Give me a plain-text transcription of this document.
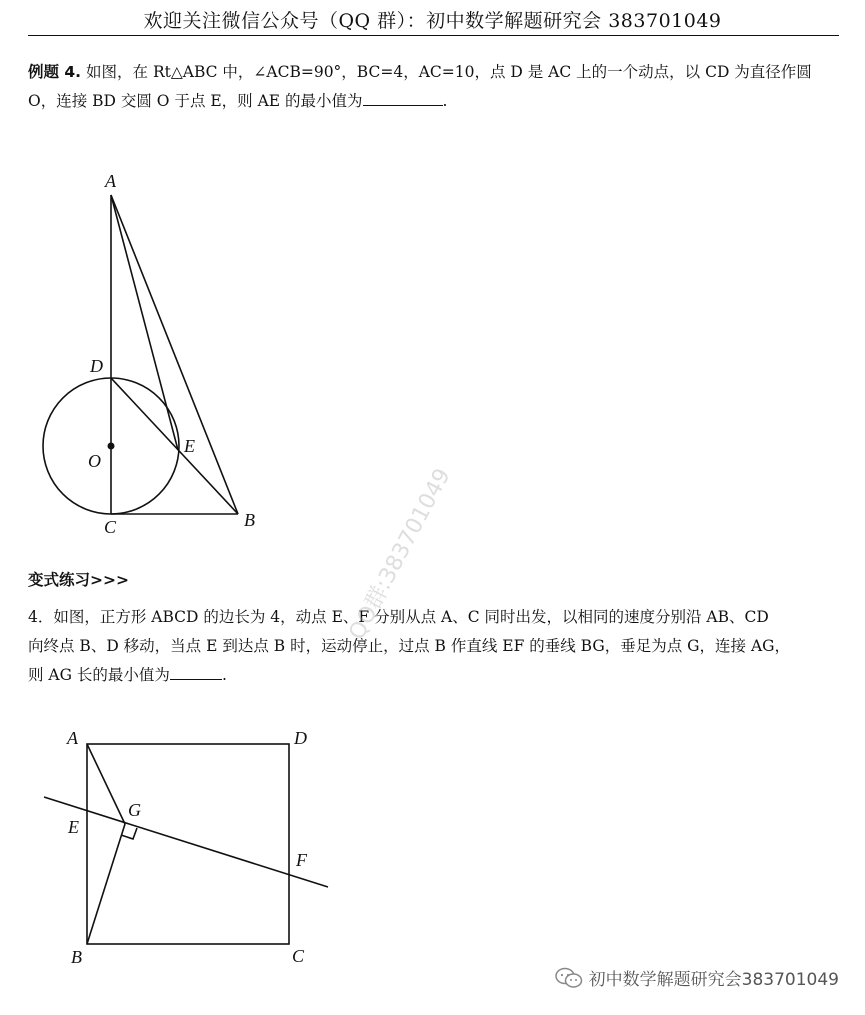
欢迎关注微信公众号（QQ 群）：初中数学解题研究会 383701049
例题 4. 如图，在 Rt△ABC 中，∠ACB=90°，BC=4，AC=10，点 D 是 AC 上的一个动点，以 CD 为直径作圆
O，连接 BD 交圆 O 于点 E，则 AE 的最小值为	.
A
D
O
E
C	B
变式练习>>>
4．如图，正方形 ABCD 的边长为 4，动点 E、F 分别从点 A、C 同时出发，以相同的速度分别沿 AB、CD
向终点 B、D 移动，当点 E 到达点 B 时，运动停止，过点 B 作直线 EF 的垂线 BG，垂足为点 G，连接 AG，
则 AG 长的最小值为	.
A	D
G
E
F
B	C
QQ群:383701049
初中数学解题研究会383701049
